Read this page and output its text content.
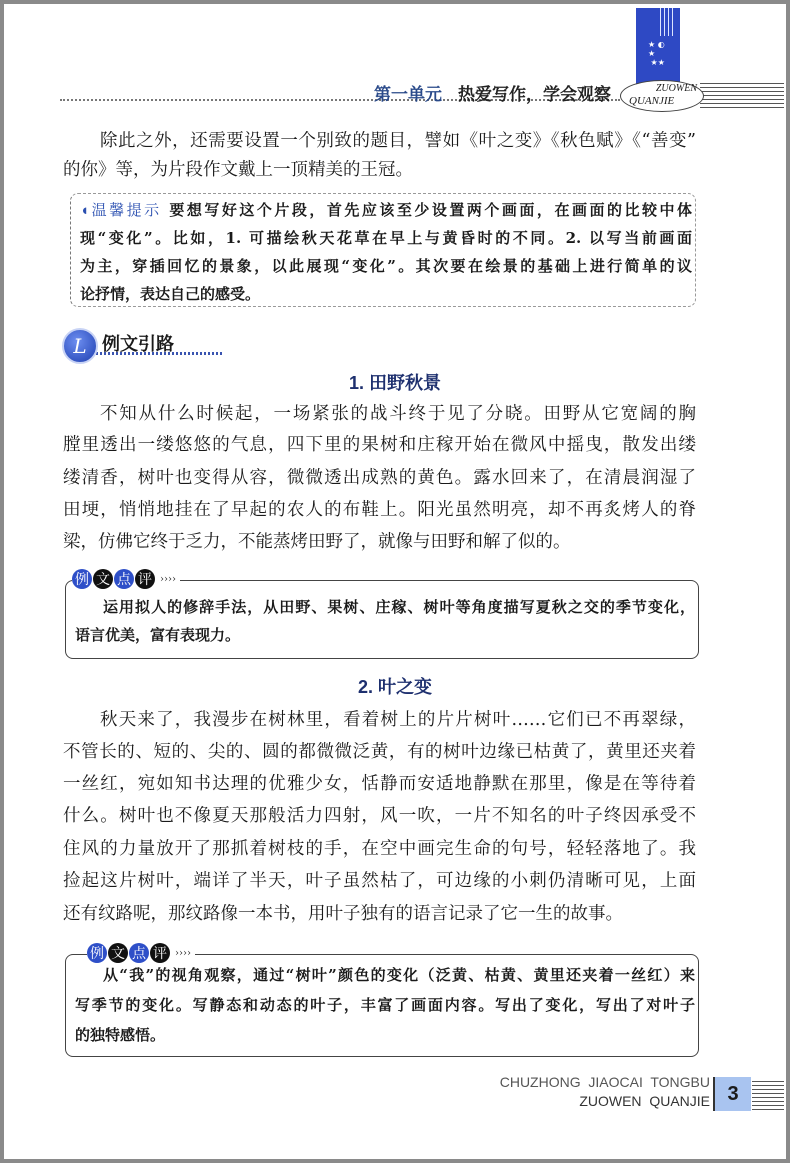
★ ◐
★
★★
第一单元 热爱写作，学会观察	ZUOWEN
QUANJIE
除此之外，还需要设置一个别致的题目，譬如《叶之变》《秋色赋》《“善变”
的你》等，为片段作文戴上一顶精美的王冠。
◖温馨提示 要想写好这个片段，首先应该至少设置两个画面，在画面的比较中体
现“变化”。比如，1. 可描绘秋天花草在早上与黄昏时的不同。2. 以写当前画面
为主，穿插回忆的景象，以此展现“变化”。其次要在绘景的基础上进行简单的议
论抒情，表达自己的感受。
L 例文引路
1. 田野秋景
不知从什么时候起，一场紧张的战斗终于见了分晓。田野从它宽阔的胸
膛里透出一缕悠悠的气息，四下里的果树和庄稼开始在微风中摇曳，散发出缕
缕清香，树叶也变得从容，微微透出成熟的黄色。露水回来了，在清晨润湿了
田埂，悄悄地挂在了早起的农人的布鞋上。阳光虽然明亮，却不再炙烤人的脊
梁，仿佛它终于乏力，不能蒸烤田野了，就像与田野和解了似的。
例 文 点 评 ››››
运用拟人的修辞手法，从田野、果树、庄稼、树叶等角度描写夏秋之交的季节变化，
语言优美，富有表现力。
2. 叶之变
秋天来了，我漫步在树林里，看着树上的片片树叶……它们已不再翠绿，
不管长的、短的、尖的、圆的都微微泛黄，有的树叶边缘已枯黄了，黄里还夹着
一丝红，宛如知书达理的优雅少女，恬静而安适地静默在那里，像是在等待着
什么。树叶也不像夏天那般活力四射，风一吹，一片不知名的叶子终因承受不
住风的力量放开了那抓着树枝的手，在空中画完生命的句号，轻轻落地了。我
捡起这片树叶，端详了半天，叶子虽然枯了，可边缘的小刺仍清晰可见，上面
还有纹路呢，那纹路像一本书，用叶子独有的语言记录了它一生的故事。
例 文 点 评 ››››
从“我”的视角观察，通过“树叶”颜色的变化（泛黄、枯黄、黄里还夹着一丝红）来
写季节的变化。写静态和动态的叶子，丰富了画面内容。写出了变化，写出了对叶子
的独特感悟。
CHUZHONG  JIAOCAI  TONGBU
ZUOWEN  QUANJIE 3
